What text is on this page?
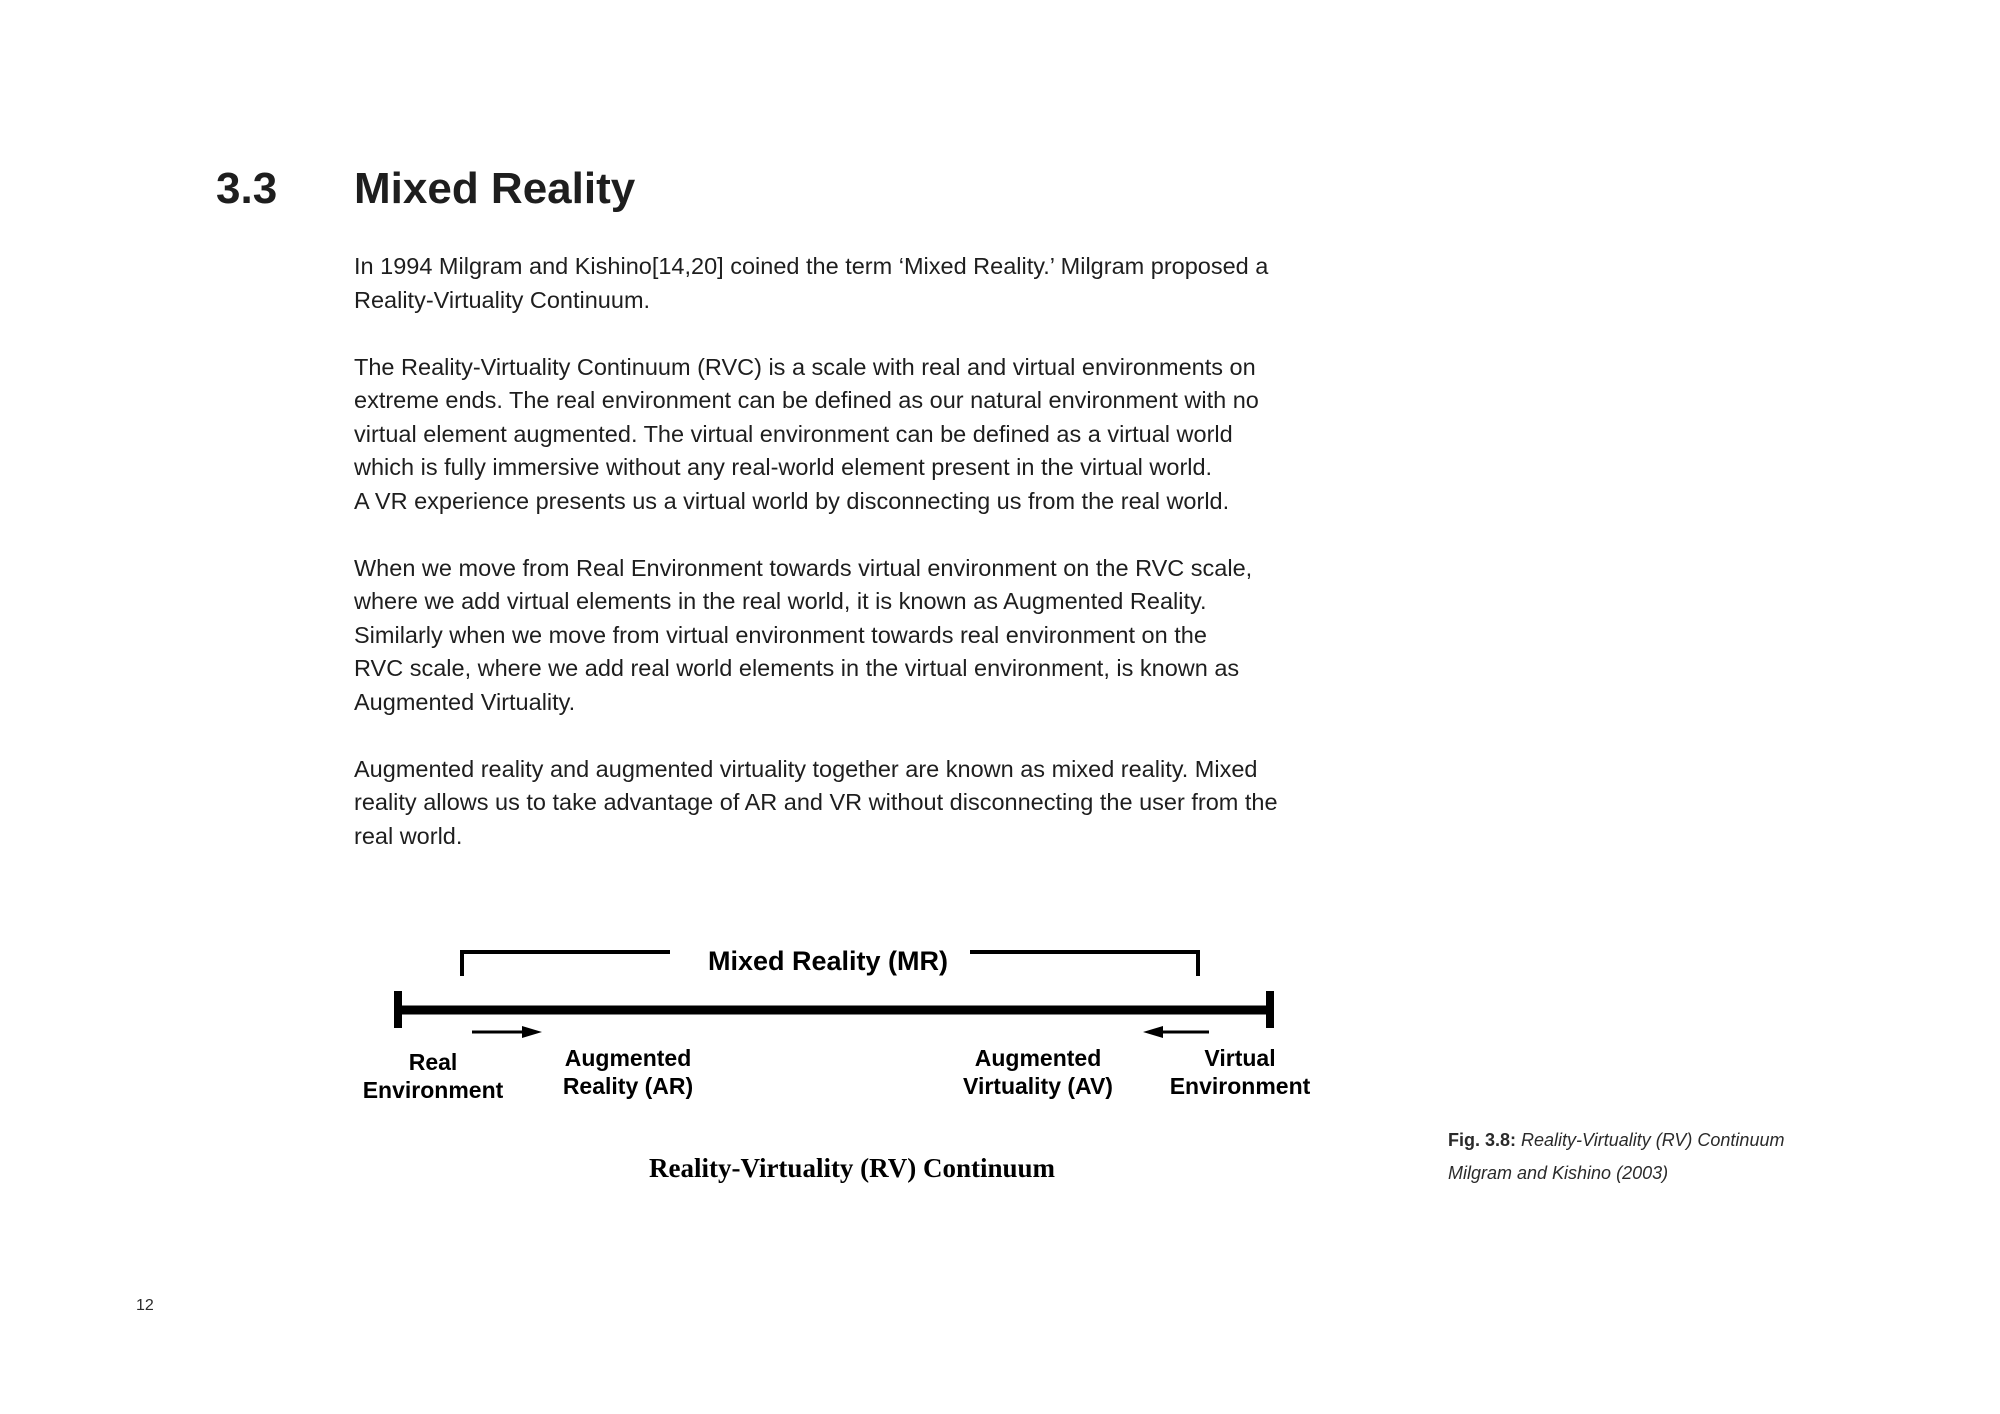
3.3 Mixed Reality

In 1994 Milgram and Kishino[14,20] coined the term ‘Mixed Reality.’ Milgram proposed a
Reality-Virtuality Continuum.

The Reality-Virtuality Continuum (RVC) is a scale with real and virtual environments on
extreme ends. The real environment can be defined as our natural environment with no
virtual element augmented. The virtual environment can be defined as a virtual world
which is fully immersive without any real-world element present in the virtual world.
A VR experience presents us a virtual world by disconnecting us from the real world.

When we move from Real Environment towards virtual environment on the RVC scale,
where we add virtual elements in the real world, it is known as Augmented Reality.
Similarly when we move from virtual environment towards real environment on the
RVC scale, where we add real world elements in the virtual environment, is known as
Augmented Virtuality.

Augmented reality and augmented virtuality together are known as mixed reality. Mixed
reality allows us to take advantage of AR and VR without disconnecting the user from the
real world.

Mixed Reality (MR)
Real
Environment
Augmented
Reality (AR)
Augmented
Virtuality (AV)
Virtual
Environment
Reality-Virtuality (RV) Continuum
Fig. 3.8: Reality-Virtuality (RV) Continuum
Milgram and Kishino (2003)
12
